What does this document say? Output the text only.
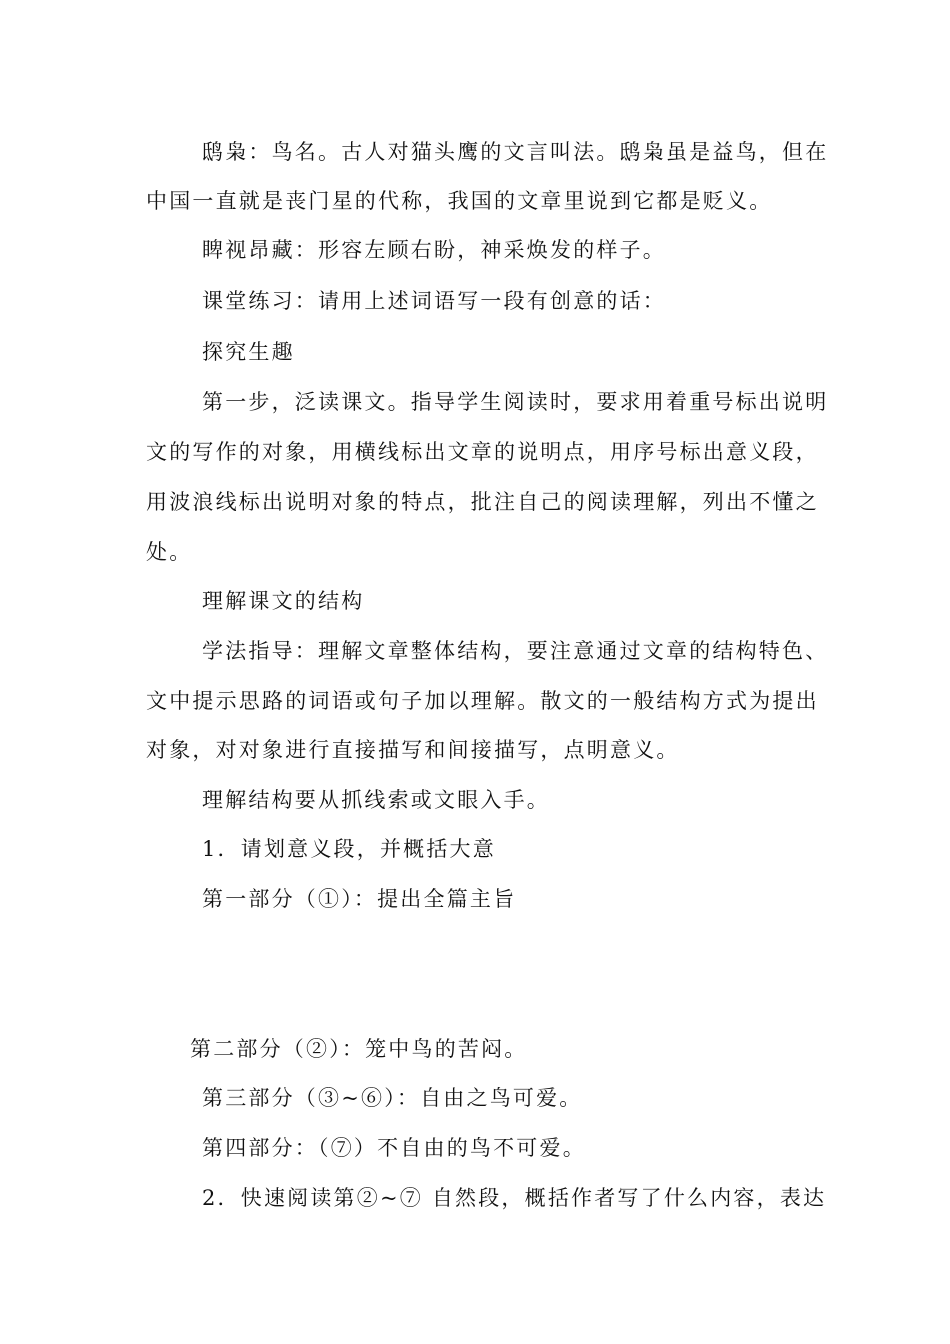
鸱枭：鸟名。古人对猫头鹰的文言叫法。鸱枭虽是益鸟，但在
中国一直就是丧门星的代称，我国的文章里说到它都是贬义。
睥视昂藏：形容左顾右盼，神采焕发的样子。
课堂练习：请用上述词语写一段有创意的话：
探究生趣
第一步，泛读课文。指导学生阅读时，要求用着重号标出说明
文的写作的对象，用横线标出文章的说明点，用序号标出意义段，
用波浪线标出说明对象的特点，批注自己的阅读理解，列出不懂之
处。
理解课文的结构
学法指导：理解文章整体结构，要注意通过文章的结构特色、
文中提示思路的词语或句子加以理解。散文的一般结构方式为提出
对象，对对象进行直接描写和间接描写，点明意义。
理解结构要从抓线索或文眼入手。
1．请划意义段，并概括大意
第一部分（①）：提出全篇主旨
第二部分（②）：笼中鸟的苦闷。
第三部分（③~⑥）：自由之鸟可爱。
第四部分：（⑦）不自由的鸟不可爱。
2．快速阅读第②~⑦ 自然段，概括作者写了什么内容，表达
